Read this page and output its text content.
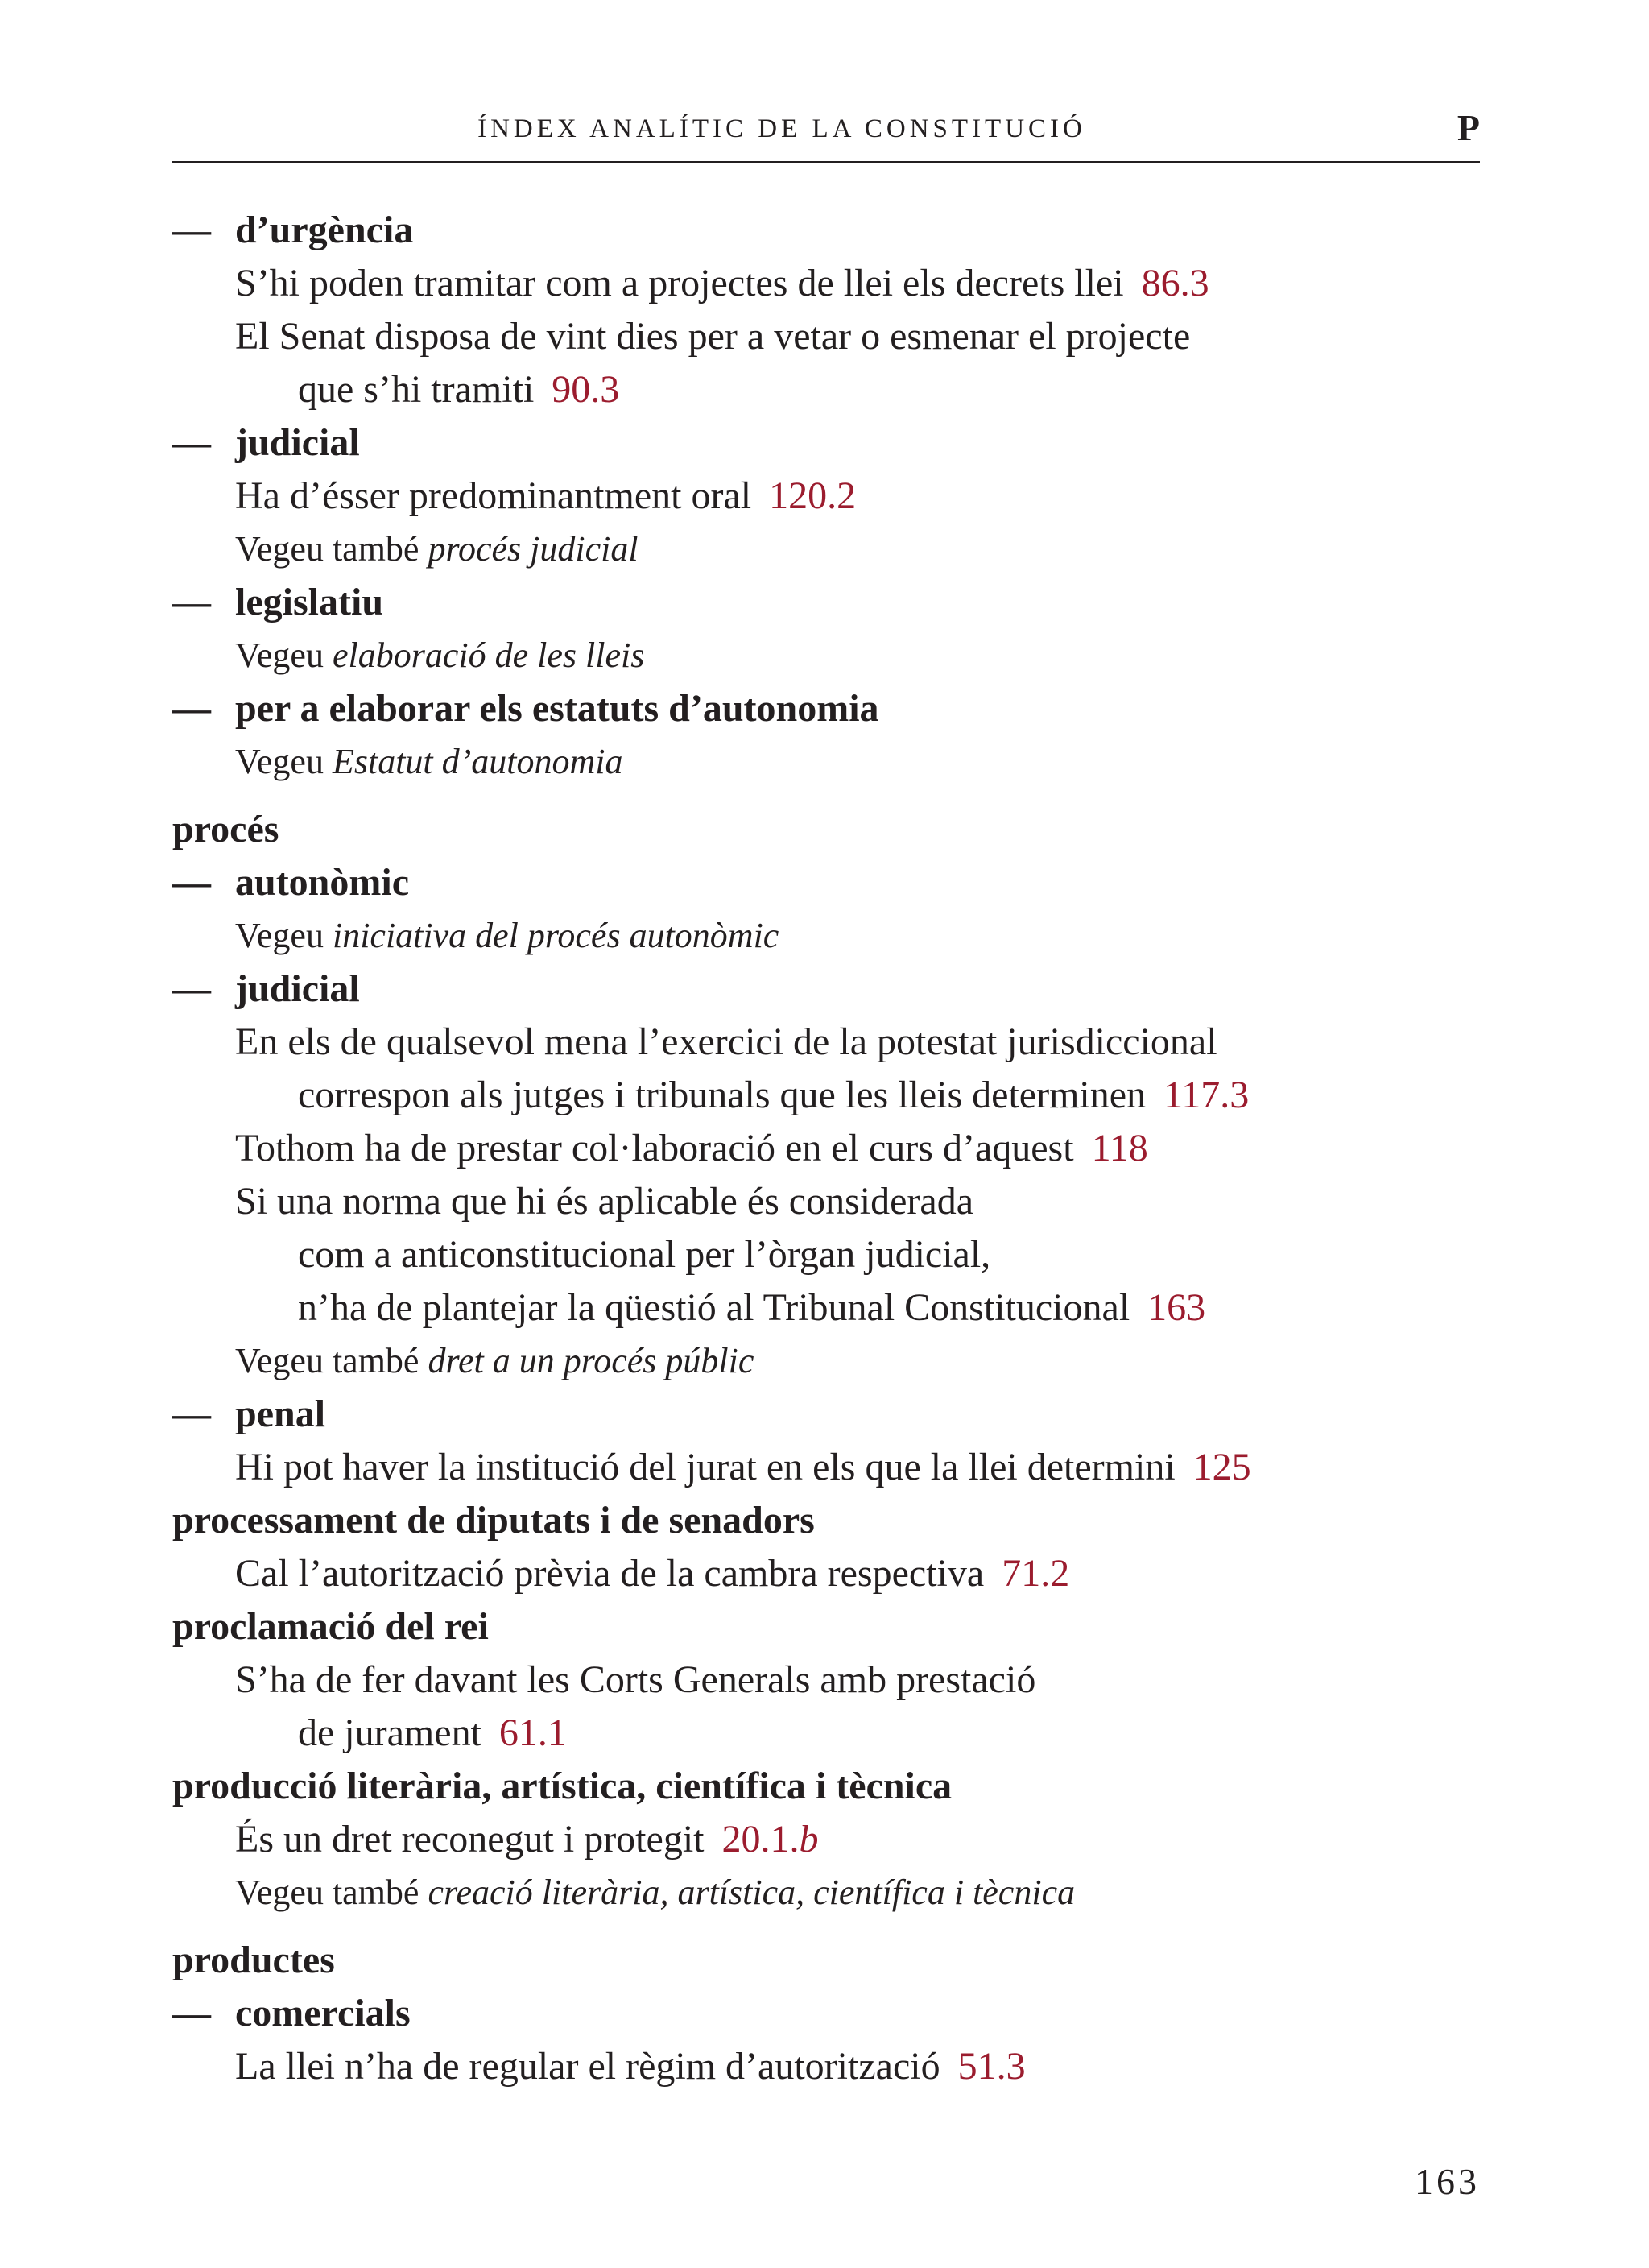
ÍNDEX ANALÍTIC DE LA CONSTITUCIÓ	P
— d’urgència
S’hi poden tramitar com a projectes de llei els decrets llei 86.3
El Senat disposa de vint dies per a vetar o esmenar el projecte
que s’hi tramiti 90.3
— judicial
Ha d’ésser predominantment oral 120.2
Vegeu també procés judicial
— legislatiu
Vegeu elaboració de les lleis
— per a elaborar els estatuts d’autonomia
Vegeu Estatut d’autonomia
procés
— autonòmic
Vegeu iniciativa del procés autonòmic
— judicial
En els de qualsevol mena l’exercici de la potestat jurisdiccional
correspon als jutges i tribunals que les lleis determinen 117.3
Tothom ha de prestar col·laboració en el curs d’aquest 118
Si una norma que hi és aplicable és considerada
com a anticonstitucional per l’òrgan judicial,
n’ha de plantejar la qüestió al Tribunal Constitucional 163
Vegeu també dret a un procés públic
— penal
Hi pot haver la institució del jurat en els que la llei determini 125
processament de diputats i de senadors
Cal l’autorització prèvia de la cambra respectiva 71.2
proclamació del rei
S’ha de fer davant les Corts Generals amb prestació
de jurament 61.1
producció literària, artística, científica i tècnica
És un dret reconegut i protegit 20.1.b
Vegeu també creació literària, artística, científica i tècnica
productes
— comercials
La llei n’ha de regular el règim d’autorització 51.3
163
